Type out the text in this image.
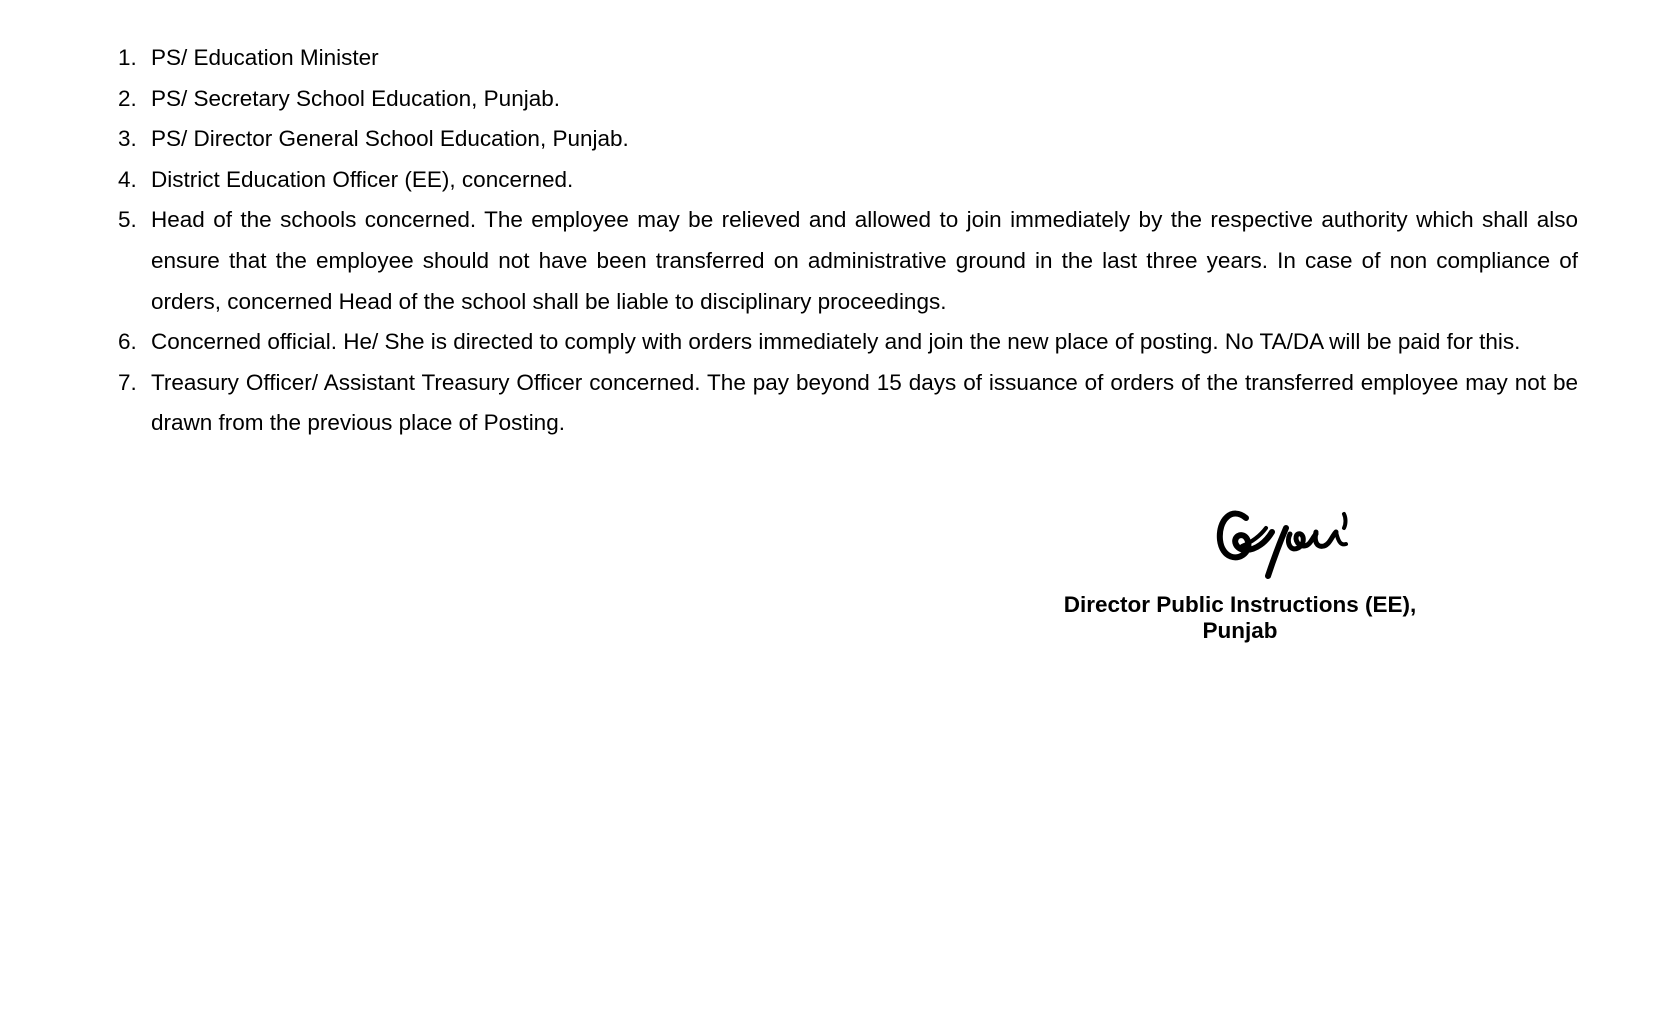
1. PS/ Education Minister
2. PS/ Secretary School Education, Punjab.
3. PS/ Director General School Education, Punjab.
4. District Education Officer (EE), concerned.
5. Head of the schools concerned. The employee may be relieved and allowed to join immediately by the respective authority which shall also ensure that the employee should not have been transferred on administrative ground in the last three years. In case of non compliance of orders, concerned Head of the school shall be liable to disciplinary proceedings.
6. Concerned official. He/ She is directed to comply with orders immediately and join the new place of posting. No TA/DA will be paid for this.
7. Treasury Officer/ Assistant Treasury Officer concerned. The pay beyond 15 days of issuance of orders of the transferred employee may not be drawn from the previous place of Posting.
Director Public Instructions (EE),
Punjab
